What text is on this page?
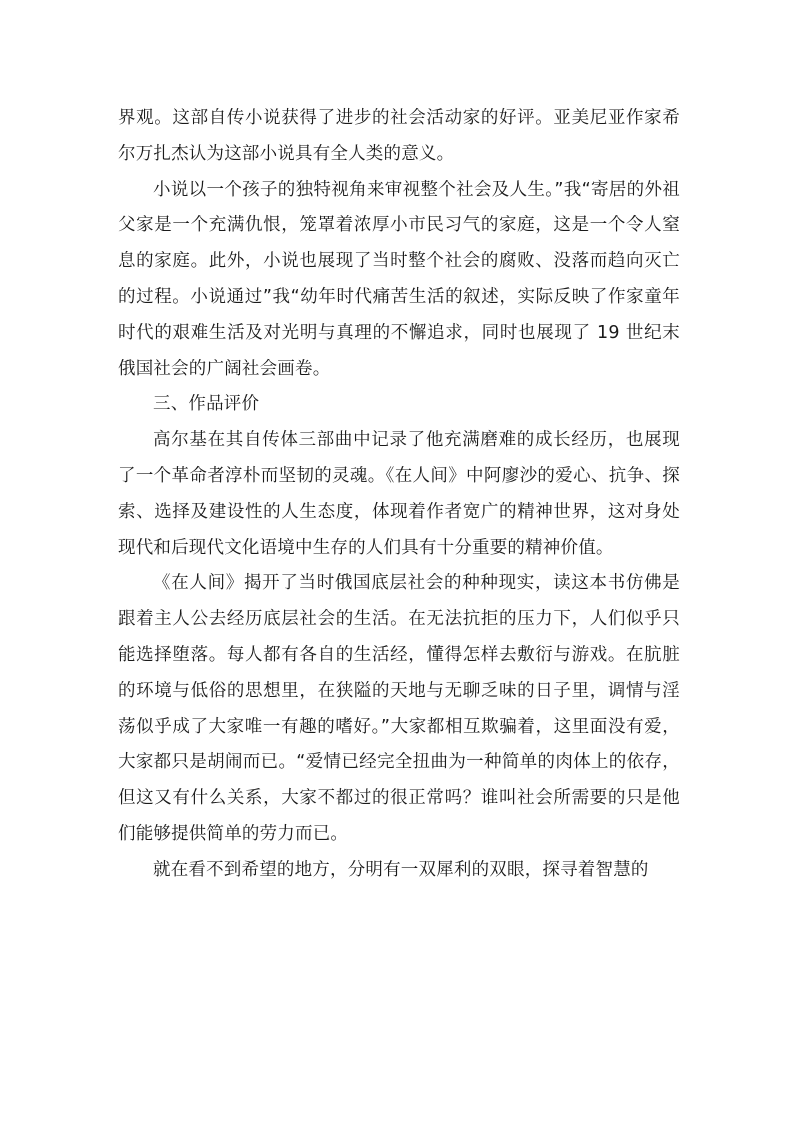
界观。这部自传小说获得了进步的社会活动家的好评。亚美尼亚作家希尔万扎杰认为这部小说具有全人类的意义。

小说以一个孩子的独特视角来审视整个社会及人生。”我“寄居的外祖父家是一个充满仇恨，笼罩着浓厚小市民习气的家庭，这是一个令人窒息的家庭。此外，小说也展现了当时整个社会的腐败、没落而趋向灭亡的过程。小说通过”我“幼年时代痛苦生活的叙述，实际反映了作家童年时代的艰难生活及对光明与真理的不懈追求，同时也展现了 19 世纪末俄国社会的广阔社会画卷。

三、作品评价

高尔基在其自传体三部曲中记录了他充满磨难的成长经历，也展现了一个革命者淳朴而坚韧的灵魂。《在人间》中阿廖沙的爱心、抗争、探索、选择及建设性的人生态度，体现着作者宽广的精神世界，这对身处现代和后现代文化语境中生存的人们具有十分重要的精神价值。

《在人间》揭开了当时俄国底层社会的种种现实，读这本书仿佛是跟着主人公去经历底层社会的生活。在无法抗拒的压力下，人们似乎只能选择堕落。每人都有各自的生活经，懂得怎样去敷衍与游戏。在肮脏的环境与低俗的思想里，在狭隘的天地与无聊乏味的日子里，调情与淫荡似乎成了大家唯一有趣的嗜好。”大家都相互欺骗着，这里面没有爱，大家都只是胡闹而已。“爱情已经完全扭曲为一种简单的肉体上的依存，但这又有什么关系，大家不都过的很正常吗？谁叫社会所需要的只是他们能够提供简单的劳力而已。

就在看不到希望的地方，分明有一双犀利的双眼，探寻着智慧的
